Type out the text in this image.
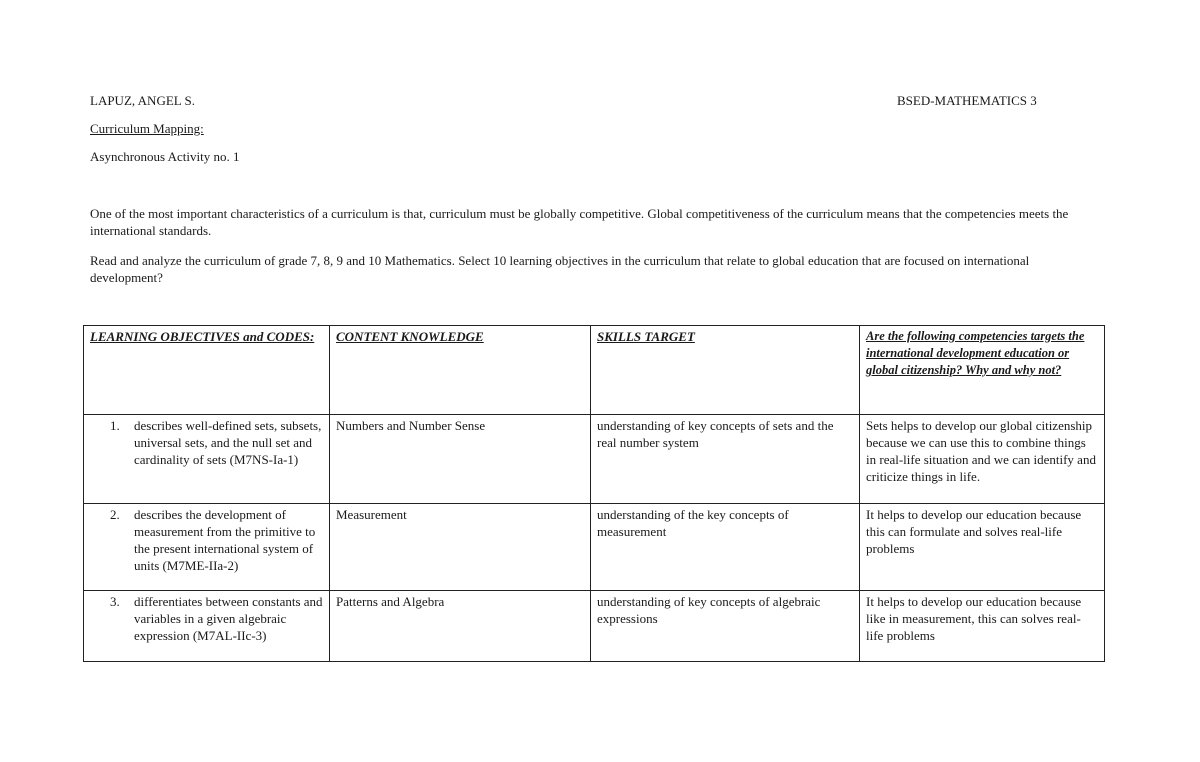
LAPUZ, ANGEL S.	BSED-MATHEMATICS 3
Curriculum Mapping:
Asynchronous Activity no. 1
One of the most important characteristics of a curriculum is that, curriculum must be globally competitive. Global competitiveness of the curriculum means that the competencies meets the international standards.
Read and analyze the curriculum of grade 7, 8, 9 and 10 Mathematics. Select 10 learning objectives in the curriculum that relate to global education that are focused on international development?
LEARNING OBJECTIVES and CODES:	CONTENT KNOWLEDGE	SKILLS TARGET	Are the following competencies targets the international development education or global citizenship? Why and why not?

1. describes well-defined sets, subsets, universal sets, and the null set and cardinality of sets (M7NS-Ia-1)	Numbers and Number Sense	understanding of key concepts of sets and the real number system	Sets helps to develop our global citizenship because we can use this to combine things in real-life situation and we can identify and criticize things in life.

2. describes the development of measurement from the primitive to the present international system of units (M7ME-IIa-2)	Measurement	understanding of the key concepts of measurement	It helps to develop our education because this can formulate and solves real-life problems

3. differentiates between constants and variables in a given algebraic expression (M7AL-IIc-3)	Patterns and Algebra	understanding of key concepts of algebraic expressions	It helps to develop our education because like in measurement, this can solves real-life problems
